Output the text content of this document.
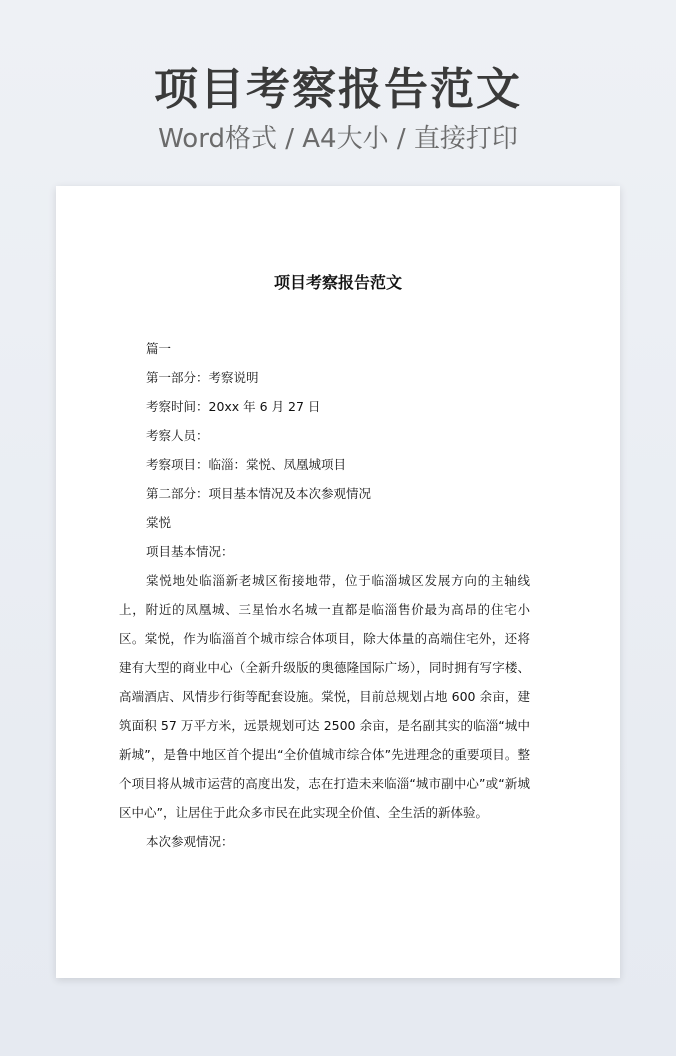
项目考察报告范文
Word格式 / A4大小 / 直接打印
项目考察报告范文
篇一
第一部分：考察说明
考察时间：20xx 年 6 月 27 日
考察人员：
考察项目：临淄：棠悦、凤凰城项目
第二部分：项目基本情况及本次参观情况
棠悦
项目基本情况：
棠悦地处临淄新老城区衔接地带，位于临淄城区发展方向的主轴线上，附近的凤凰城、三星怡水名城一直都是临淄售价最为高昂的住宅小区。棠悦，作为临淄首个城市综合体项目，除大体量的高端住宅外，还将建有大型的商业中心（全新升级版的奥德隆国际广场），同时拥有写字楼、高端酒店、风情步行街等配套设施。棠悦，目前总规划占地 600 余亩，建筑面积 57 万平方米，远景规划可达 2500 余亩，是名副其实的临淄“城中新城”，是鲁中地区首个提出“全价值城市综合体”先进理念的重要项目。整个项目将从城市运营的高度出发，志在打造未来临淄“城市副中心”或“新城区中心”，让居住于此众多市民在此实现全价值、全生活的新体验。
本次参观情况：
